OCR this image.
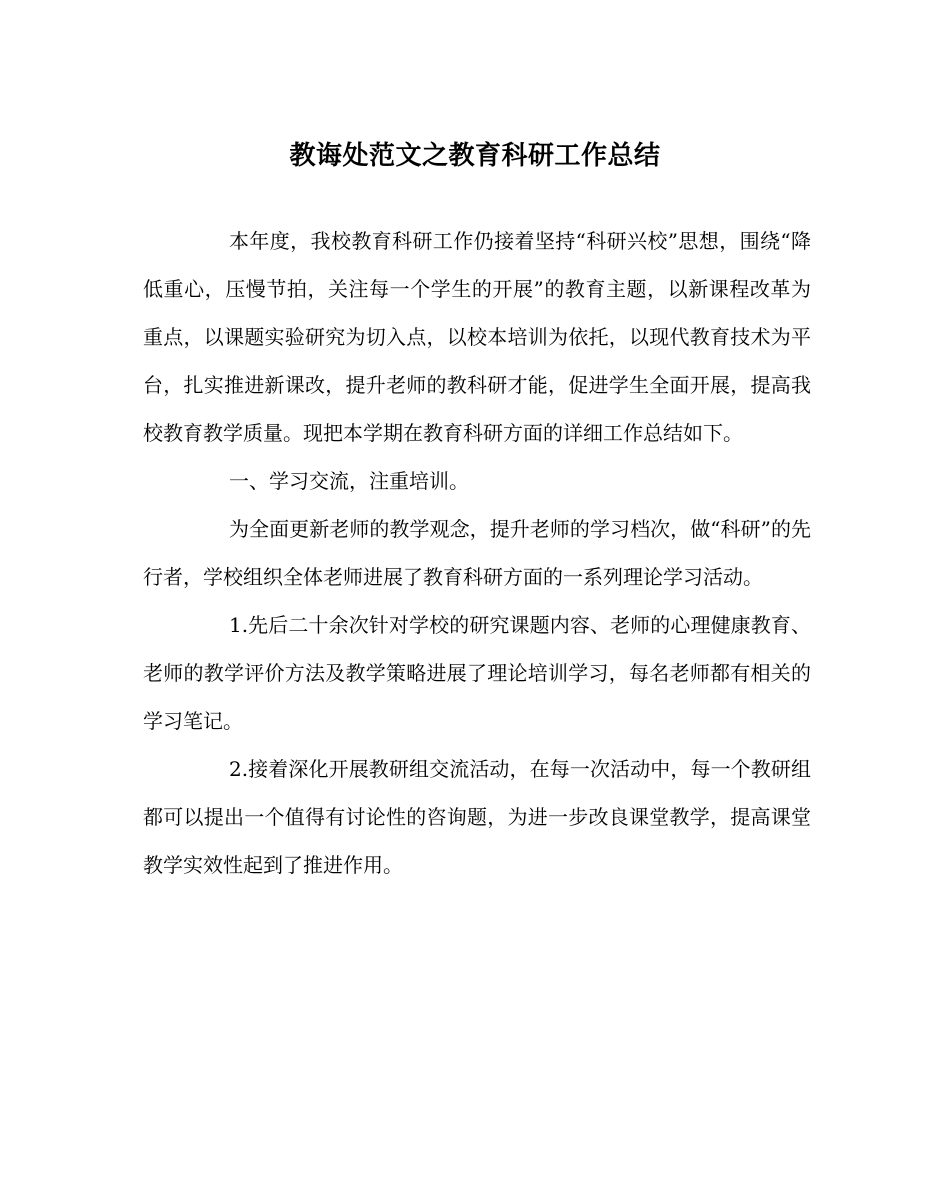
教诲处范文之教育科研工作总结

本年度，我校教育科研工作仍接着坚持“科研兴校”思想，围绕“降低重心，压慢节拍，关注每一个学生的开展”的教育主题，以新课程改革为重点，以课题实验研究为切入点，以校本培训为依托，以现代教育技术为平台，扎实推进新课改，提升老师的教科研才能，促进学生全面开展，提高我校教育教学质量。现把本学期在教育科研方面的详细工作总结如下。

一、学习交流，注重培训。

为全面更新老师的教学观念，提升老师的学习档次，做“科研”的先行者，学校组织全体老师进展了教育科研方面的一系列理论学习活动。

1.先后二十余次针对学校的研究课题内容、老师的心理健康教育、老师的教学评价方法及教学策略进展了理论培训学习，每名老师都有相关的学习笔记。

2.接着深化开展教研组交流活动，在每一次活动中，每一个教研组都可以提出一个值得有讨论性的咨询题，为进一步改良课堂教学，提高课堂教学实效性起到了推进作用。
